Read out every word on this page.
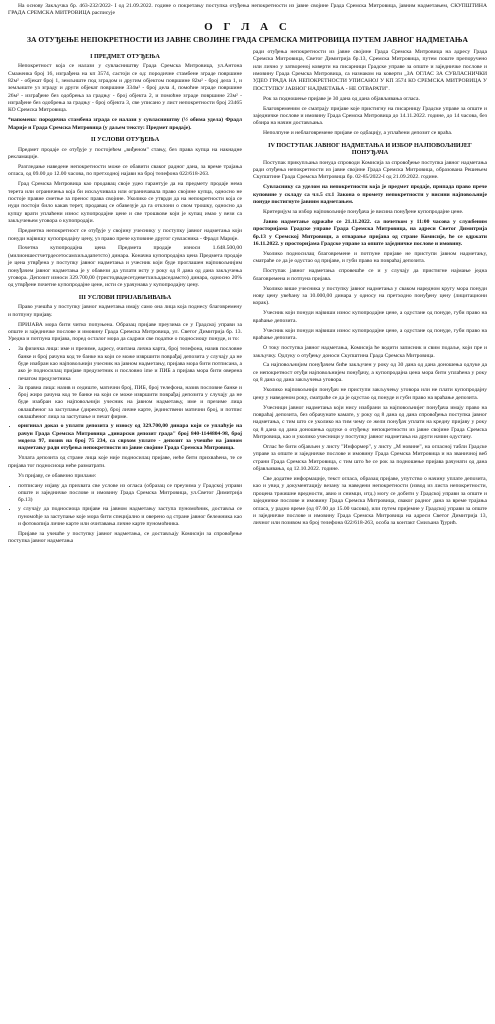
На основу Закључка бр. 463-232/2022- I од 21.09.2022. године о покретању поступка отуђења непокретности из јавне својине Града Сремска Митровица, јавним надметањем, СКУПШТИНА ГРАДА СРЕМСКА МИТРОВИЦА расписује

О Г Л А С
ЗА ОТУЂЕЊЕ НЕПОКРЕТНОСТИ ИЗ ЈАВНЕ СВОЈИНЕ ГРАДА СРЕМСКА МИТРОВИЦА ПУТЕМ ЈАВНОГ НАДМЕТАЊА
I ПРЕДМЕТ ОТУЂЕЊА

Непокретност која се налази у сувласништву Града Сремска Митровица, ул.Антона Смажеика број 16, изграђена на кп 3574, састоји се од: породичне стамбене зграде површине 82м² - објекат број 1, земљиште под зградом и другим објектом површине 82м² - број дела 1, и земљиште уз зграду и други објекат површине 334м² - број дела 4, помоћне зграде површине 26м² - изграђене без одобрења за градњу - број објекта 2, и помоћне зграде површине 23м² - изграђене без одобрења за градњу - број објекта 3, све уписано у лист непокретности број 23465 КО Сремска Митровица.

*напомена: породична стамбена зграда се налази у сувласништву (½ обима удела) Фрадл Марије и Града Сремска Митровица (у даљем тексту: Предмет продаје).

II УСЛОВИ ОТУЂЕЊА

Предмет продаје се отуђује у постојећем „виђеном" стању, без права купца на накнадне рекламације.

Разгледање наведене непокретности може се обавити сваког радног дана, за време трајања огласа, од 09.00 до 12.00 часова, по претходној најави на број телефона 022/618-263.

Град Сремска Митровица као продавац своје удео гарантује да на предмету продаје нема терета или ограничења која би искључивала или ограничавала право својине купца, односно не постоје правне сметње за пренос права својине. Уколико се утврди да на непокретности која се нуди постоји било какав терет, продавац се обавезује да га отклони о свом трошку, односно да купцу врати уплаћени износ купопродајне цене и све трошкове који је купац имао у вези са закључењем уговора о купопродаји.

Предметна непокретност се отуђује у својину учеснику у поступку јавног надметања који понуди највишу купопродајну цену, уз право прече куповине другог сувласника - Фрадл Марије.

Почетна купопродајна цена Предмета продаје износи 1.648.500,00 (милионшестчетрдесетосамхиљадапетсто) динара. Коначна купопродајна цена Предмета продаје је цена утврђена у поступку јавног надметања и учесник који буде проглашен најповољнијим понуђачем јавног надметања је у обавези да уплати исту у року од 8 дана од дана закључења уговора. Депозит износи 329.700,00 (тристодвадесетдеветхиљадаседамсто) динара, односно 20% од утврђене почетне купопродајне цене, исти се урачунава у купопродајну цену.

III УСЛОВИ ПРИЈАВЉИВАЊА

Право учешћа у поступку јавног надметања имају само она лица која поднесу благовремену и потпуну пријаву.

ПРИЈАВА мора бити читко попуњена. Образац пријаве преузима се у Градској управи за опште и заједничке послове и имовину Града Сремска Митровица, ул. Светог Димитрија бр. 13. Уредна и потпуна пријава, поред осталог мора да садржи све податке о подносиоцу понуде, и то:

• За физичка лица: име и презиме, адресу, очитана лична карта, број телефона, назив пословне банке и број рачуна код те банке на који се може извршити поврађај депозита у случају да не буде изабран као најповољнији учесник на јавном надметању, пријава мора бити потписана, а ако је подносилац пријаве предузетник и пословно ime и ПИБ а пријава мора бити оверена печатом предузетника
• За правна лица: назив и седиште, матични број, ПИБ, број телефона, назив пословне банке и број жиро рачуна код те банке на који се може извршити поврађај депозита у случају да не буде изабран као најповољнији учесник на јавном надметању, име и презиме лица овлашћеног за заступање (директор), број личне карте, јединствени матични број, и потпис овлашћеног лица за заступање и печат фирме.
• оригинал доказ о уплати депозита у износу од 329.700,00 динара који се уплаћује на рачун Града Сремска Митровица „динарски депозит града" број 840-1144804-98, број модела 97, позив на број 75 234, са сврхом уплате - депозит за учешће на јавном надметању ради отуђења непокретности из јавне својине Града Сремска Митровица.

Уплата депозита од стране лица које није подносилац пријаве, неће бити прихваћена, те се пријава тог подносиоца неће разматрати.

Уз пријаву, се обавезно прилаже:

• потписану изјаву да прихвата све услове из огласа (образац се преузима у Градској управи опште и заједничке послове и имовину Града Сремска Митровица, ул.Светог Димитрија бр.13)
• у случају да подносиоца пријаве на јавном надметању заступа пуномоћник, доставља се пуномоћје за заступање које мора бити специјално и оверено од стране јавног бележника као и фотокопија личне карте или очитавања личне карте пуномоћника.

Пријаве за учешће у поступку јавног надметања, се достављају Комисији за спровођење поступка јавног надметања

ради отуђења непокретности из јавне својине Града Сремска Митровица на адресу Града Сремска Митровица, Светог Димитрија бр.13, Сремска Митровица, путем поште препоручено или лично у затвореној коверти на писарници Градске управе за опште и заједничке послове и имовину Града Сремска Митровица, са назнаком на коверти „ЗА ОГЛАС ЗА СУВЛАСНИЧКИ УДЕО ГРАДА НА НЕПОКРЕТНОСТИ УПИСАНОЈ У КП 3574 КО СРЕМСКА МИТРОВИЦА У ПОСТУПКУ ЈАВНОГ НАДМЕТАЊА - НЕ ОТВАРАТИ".

Рок за подношење пријаве је 30 дана од дана објављивања огласа.

Благовременим се сматрају пријаве које пристигну на писарницу Градске управе за опште и заједничке послове и имовину Града Сремска Митровица до 14.11.2022. године, до 14 часова, без обзира на начин достављања.

Неполпуне и неблаговремене пријаве се одбацију, а уплаћени депозит се враћа.

IV ПОСТУПАК ЈАВНОГ НАДМЕТАЊА И ИЗБОР НАЈПОВОЉНИЈЕГ ПОНУЂАЧА

Поступак прикупљања понуда спроводи Комисија за спровођење поступка јавног надметања ради отуђења непокретности из јавне својине Града Сремска Митровица, образована Решењем Скупштине Града Сремска Митровица бр. 02-85/2022-I од 21.09.2022. године.

Сувласнику са уделом на непокретности која је предмет продаје, припада право прече куповине у складу са чл.5 ст.1 Закона о промету непокретности у висини најповољније понуде постигнуте јавним надметањем.

Критеријум за избор најповољније понуђача је висина понуђене купопродајне цене.

Јавно надметање одржаће се 21.11.2022. са почетком у 11:00 часова у службеним просторијама Градске управе Града Сремска Митровица, на адреси Светог Димитрија бр.13 у Сремској Митровици, а отварање пријава од стране Комисије, ће се одржати 16.11.2022. у просторијама Градске управе за опште заједничке послове и имовину.

Уколико подносилац благовремене и потпуне пријаве не приступи јавном надметању, сматраће се да је одустао од пријаве, и губи право на повраћај депозита.

Поступак јавног надметања спровешће се и у случају да пристигне најмање једна благовремена и потпуна пријава.

Уколико више учесника у поступку јавног надметања у сваком наредном кругу мора понуди нову цену увећану за 10.000,00 динара у односу на претходно понуђену цену (лицитациони корак).

Учесник који понуди највиши износ купопродајне цене, а одустане од понуде, губи право на враћање депозита.

Учесник који понуди највиши износ купопродајне цене, а одустане од понуде, губи право на враћање депозита.

О току поступка јавног надметања, Комисија ће водити записник и свим подаље, који пре и закључку. Одлуку о отуђењу доноси Скупштина Града Сремска Митровица.

Са најповољнијим понуђачем биће закључен у року од 30 дана од дана доношења одлуке да се непокретност отуђи најповољнијем понуђачу, а купопродајна цена мора бити уплаћена у року од 8 дана од дана закључења уговора.

Уколико најповољнији понуђач не приступи закључењу уговора или не плати купопродајну цену у наведеном року, сматраће се да је одустао од понуде и губи право на враћање депозита.

Учесници јавног надметања који нису изабрани за најповољнијег понуђача имају право на повраћај депозита, без обрачунате камате, у року од 8 дана од дана спровођења поступка јавног надметања, с тим што се уколико на тим чему се жели понуђач уплати на кредну пријаву у року од 8 дана од дана доношења одлуке о отуђењу непокретности из јавне својине Града Сремска Митровица, као и уколико учесници у поступку јавног надметања на други начин одустану.

Оглас ће бити објављен у листу "Информер", у листу „М новине", на огласној табли Градске управе за опште и заједничке послове и имовину Града Сремска Митровица и на званичној веб страни Града Сремска Митровица, с тим што ће се рок за подношење пријава рачунати од дана објављивања, од 12.10.2022. године.

Све додатне информације, текст огласа, образац пријаве, упутство о начину уплате депозита, као и увид у документацију везану за наведени непокретности (извод из листа непокретности, процена тржишне вредности, авио и снимци, итд.) могу се добити у Градској управи за опште и заједничке послове и имовину Града Сремска Митровица, сваког радног дана за време трајања огласа, у радно време (од 07.00 до 15.00 часова), или путем пријемне у Градској управи за опште и заједничке послове и имовину Града Сремска Митровица на адреси Светог Димитрија 13, личног или позивом на број телефона 022/618-263, особа за контакт Смиљана Ђурић.
